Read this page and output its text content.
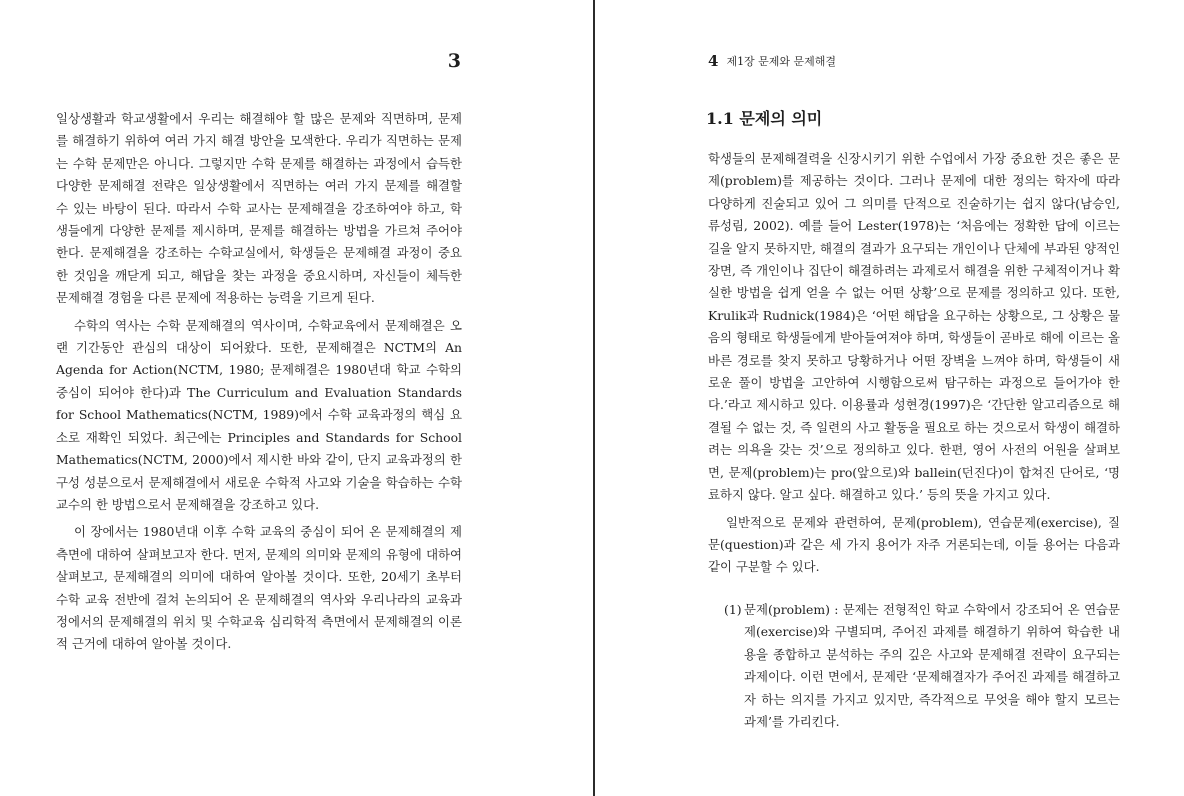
3

일상생활과 학교생활에서 우리는 해결해야 할 많은 문제와 직면하며, 문제를 해결하기 위하여 여러 가지 해결 방안을 모색한다. 우리가 직면하는 문제는 수학 문제만은 아니다. 그렇지만 수학 문제를 해결하는 과정에서 습득한 다양한 문제해결 전략은 일상생활에서 직면하는 여러 가지 문제를 해결할 수 있는 바탕이 된다. 따라서 수학 교사는 문제해결을 강조하여야 하고, 학생들에게 다양한 문제를 제시하며, 문제를 해결하는 방법을 가르쳐 주어야 한다. 문제해결을 강조하는 수학교실에서, 학생들은 문제해결 과정이 중요한 것임을 깨닫게 되고, 해답을 찾는 과정을 중요시하며, 자신들이 체득한 문제해결 경험을 다른 문제에 적용하는 능력을 기르게 된다.

수학의 역사는 수학 문제해결의 역사이며, 수학교육에서 문제해결은 오랜 기간동안 관심의 대상이 되어왔다. 또한, 문제해결은 NCTM의 An Agenda for Action(NCTM, 1980; 문제해결은 1980년대 학교 수학의 중심이 되어야 한다)과 The Curriculum and Evaluation Standards for School Mathematics(NCTM, 1989)에서 수학 교육과정의 핵심 요소로 재확인 되었다. 최근에는 Principles and Standards for School Mathematics(NCTM, 2000)에서 제시한 바와 같이, 단지 교육과정의 한 구성 성분으로서 문제해결에서 새로운 수학적 사고와 기술을 학습하는 수학 교수의 한 방법으로서 문제해결을 강조하고 있다.

이 장에서는 1980년대 이후 수학 교육의 중심이 되어 온 문제해결의 제 측면에 대하여 살펴보고자 한다. 먼저, 문제의 의미와 문제의 유형에 대하여 살펴보고, 문제해결의 의미에 대하여 알아볼 것이다. 또한, 20세기 초부터 수학 교육 전반에 걸쳐 논의되어 온 문제해결의 역사와 우리나라의 교육과정에서의 문제해결의 위치 및 수학교육 심리학적 측면에서 문제해결의 이론적 근거에 대하여 알아볼 것이다.

4 제1장 문제와 문제해결
1.1 문제의 의미

학생들의 문제해결력을 신장시키기 위한 수업에서 가장 중요한 것은 좋은 문제(problem)를 제공하는 것이다. 그러나 문제에 대한 정의는 학자에 따라 다양하게 진술되고 있어 그 의미를 단적으로 진술하기는 쉽지 않다(남승인, 류성림, 2002). 예를 들어 Lester(1978)는 ‘처음에는 정확한 답에 이르는 길을 알지 못하지만, 해결의 결과가 요구되는 개인이나 단체에 부과된 양적인 장면, 즉 개인이나 집단이 해결하려는 과제로서 해결을 위한 구체적이거나 확실한 방법을 쉽게 얻을 수 없는 어떤 상황’으로 문제를 정의하고 있다. 또한, Krulik과 Rudnick(1984)은 ‘어떤 해답을 요구하는 상황으로, 그 상황은 물음의 형태로 학생들에게 받아들여져야 하며, 학생들이 곧바로 해에 이르는 올바른 경로를 찾지 못하고 당황하거나 어떤 장벽을 느껴야 하며, 학생들이 새로운 풀이 방법을 고안하여 시행함으로써 탐구하는 과정으로 들어가야 한다.’라고 제시하고 있다. 이용률과 성현경(1997)은 ‘간단한 알고리즘으로 해결될 수 없는 것, 즉 일련의 사고 활동을 필요로 하는 것으로서 학생이 해결하려는 의욕을 갖는 것’으로 정의하고 있다. 한편, 영어 사전의 어원을 살펴보면, 문제(problem)는 pro(앞으로)와 ballein(던진다)이 합쳐진 단어로, ‘명료하지 않다. 알고 싶다. 해결하고 있다.’ 등의 뜻을 가지고 있다.

일반적으로 문제와 관련하여, 문제(problem), 연습문제(exercise), 질문(question)과 같은 세 가지 용어가 자주 거론되는데, 이들 용어는 다음과 같이 구분할 수 있다.

(1) 문제(problem) : 문제는 전형적인 학교 수학에서 강조되어 온 연습문제(exercise)와 구별되며, 주어진 과제를 해결하기 위하여 학습한 내용을 종합하고 분석하는 주의 깊은 사고와 문제해결 전략이 요구되는 과제이다. 이런 면에서, 문제란 ‘문제해결자가 주어진 과제를 해결하고자 하는 의지를 가지고 있지만, 즉각적으로 무엇을 해야 할지 모르는 과제’를 가리킨다.
